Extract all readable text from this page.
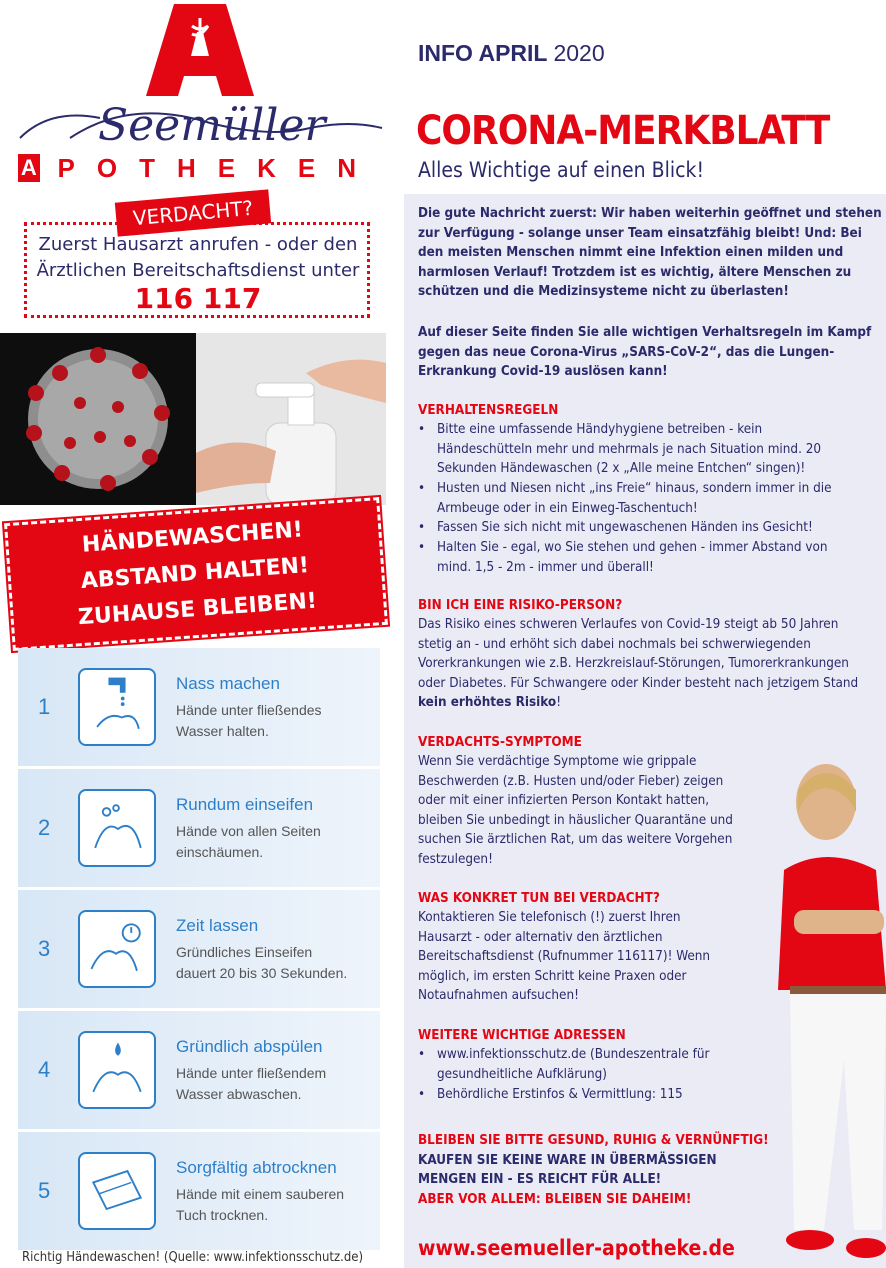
Seemüller
A POTHEKEN
VERDACHT?
Zuerst Hausarzt anrufen - oder den
Ärztlichen Bereitschaftsdienst unter
116 117
HÄNDEWASCHEN!
ABSTAND HALTEN!
ZUHAUSE BLEIBEN!
1
Nass machen
Hände unter fließendes
Wasser halten.
2
Rundum einseifen
Hände von allen Seiten
einschäumen.
3
Zeit lassen
Gründliches Einseifen
dauert 20 bis 30 Sekunden.
4
Gründlich abspülen
Hände unter fließendem
Wasser abwaschen.
5
Sorgfältig abtrocknen
Hände mit einem sauberen
Tuch trocknen.
Richtig Händewaschen! (Quelle: www.infektionsschutz.de)
INFO APRIL 2020
CORONA-MERKBLATT
Alles Wichtige auf einen Blick!
Die gute Nachricht zuerst: Wir haben weiterhin geöffnet und stehen
zur Verfügung - solange unser Team einsatzfähig bleibt! Und: Bei
den meisten Menschen nimmt eine Infektion einen milden und
harmlosen Verlauf! Trotzdem ist es wichtig, ältere Menschen zu
schützen und die Medizinsysteme nicht zu überlasten!
Auf dieser Seite finden Sie alle wichtigen Verhaltsregeln im Kampf
gegen das neue Corona-Virus „SARS-CoV-2“, das die Lungen-
Erkrankung Covid-19 auslösen kann!
VERHALTENSREGELN
• Bitte eine umfassende Händyhygiene betreiben - kein
Händeschütteln mehr und mehrmals je nach Situation mind. 20
Sekunden Händewaschen (2 x „Alle meine Entchen“ singen)!
• Husten und Niesen nicht „ins Freie“ hinaus, sondern immer in die
Armbeuge oder in ein Einweg-Taschentuch!
• Fassen Sie sich nicht mit ungewaschenen Händen ins Gesicht!
• Halten Sie - egal, wo Sie stehen und gehen - immer Abstand von
mind. 1,5 - 2m - immer und überall!
BIN ICH EINE RISIKO-PERSON?
Das Risiko eines schweren Verlaufes von Covid-19 steigt ab 50 Jahren
stetig an - und erhöht sich dabei nochmals bei schwerwiegenden
Vorerkrankungen wie z.B. Herzkreislauf-Störungen, Tumorerkrankungen
oder Diabetes. Für Schwangere oder Kinder besteht nach jetzigem Stand
kein erhöhtes Risiko!
VERDACHTS-SYMPTOME
Wenn Sie verdächtige Symptome wie grippale
Beschwerden (z.B. Husten und/oder Fieber) zeigen
oder mit einer infizierten Person Kontakt hatten,
bleiben Sie unbedingt in häuslicher Quarantäne und
suchen Sie ärztlichen Rat, um das weitere Vorgehen
festzulegen!
WAS KONKRET TUN BEI VERDACHT?
Kontaktieren Sie telefonisch (!) zuerst Ihren
Hausarzt - oder alternativ den ärztlichen
Bereitschaftsdienst (Rufnummer 116117)! Wenn
möglich, im ersten Schritt keine Praxen oder
Notaufnahmen aufsuchen!
WEITERE WICHTIGE ADRESSEN
• www.infektionsschutz.de (Bundeszentrale für
gesundheitliche Aufklärung)
• Behördliche Erstinfos & Vermittlung: 115
BLEIBEN SIE BITTE GESUND, RUHIG & VERNÜNFTIG!
KAUFEN SIE KEINE WARE IN ÜBERMÄSSIGEN
MENGEN EIN - ES REICHT FÜR ALLE!
ABER VOR ALLEM: BLEIBEN SIE DAHEIM!
www.seemueller-apotheke.de
